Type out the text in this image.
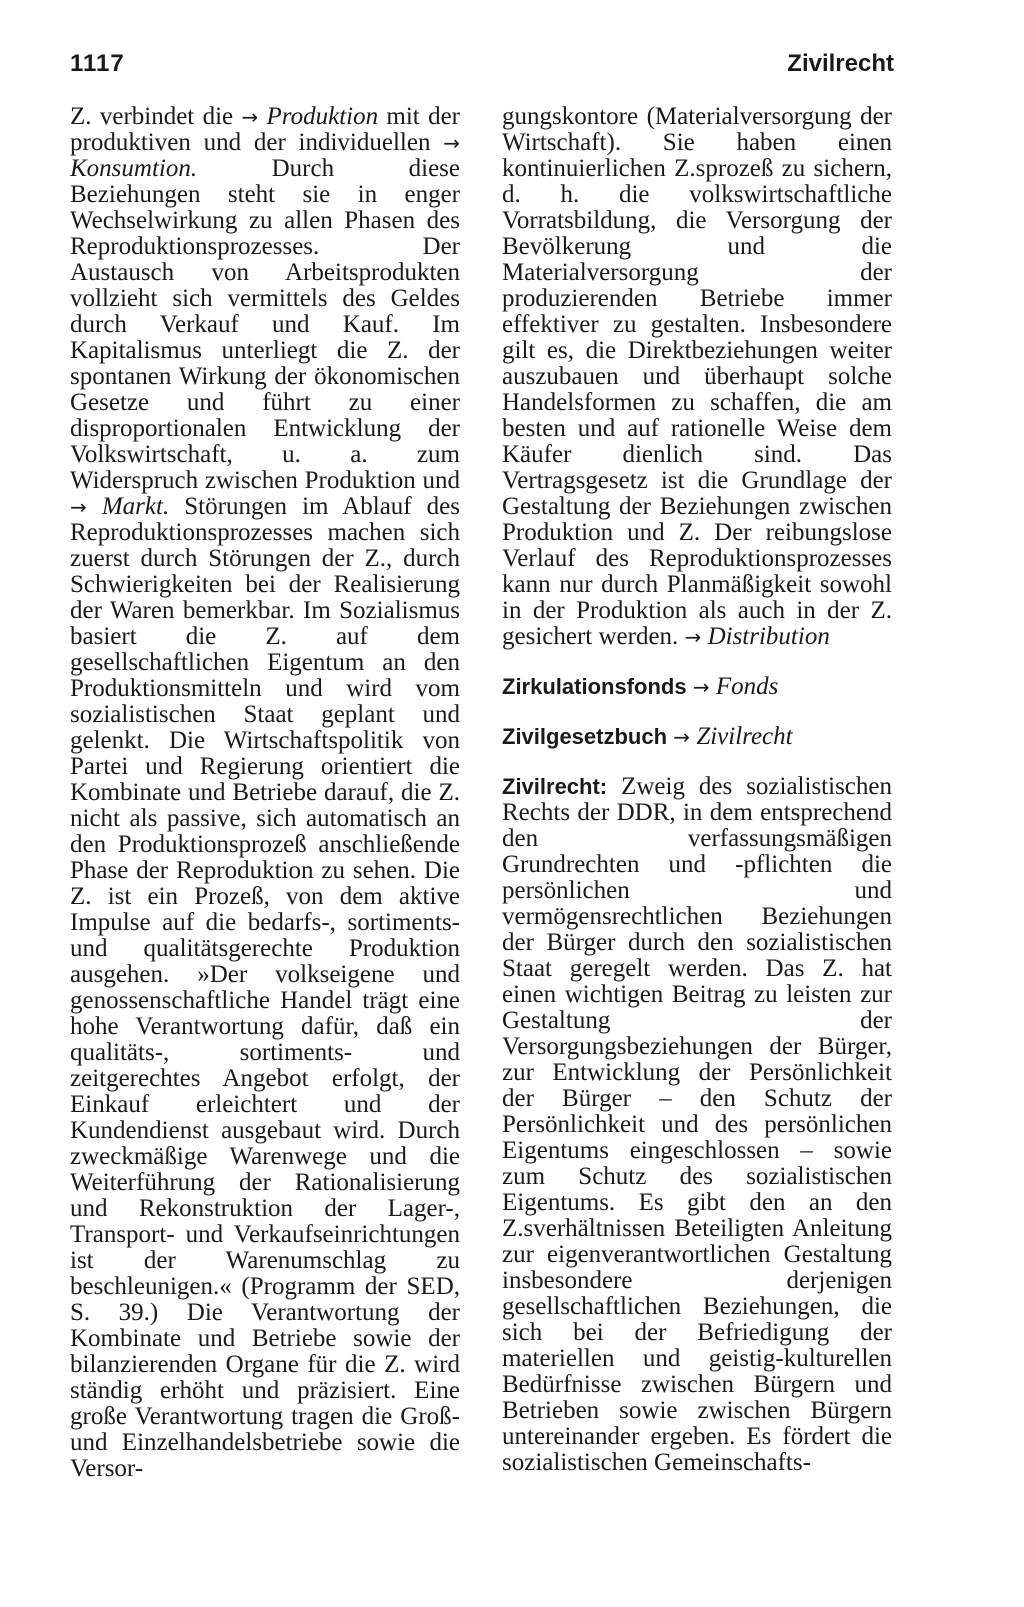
1117	Zivilrecht

Z. verbindet die → Produktion mit der produktiven und der individuellen → Konsumtion. Durch diese Beziehungen steht sie in enger Wechselwirkung zu allen Phasen des Reproduktionsprozesses. Der Austausch von Arbeitsprodukten vollzieht sich vermittels des Geldes durch Verkauf und Kauf. Im Kapitalismus unterliegt die Z. der spontanen Wirkung der ökonomischen Gesetze und führt zu einer disproportionalen Entwicklung der Volkswirtschaft, u. a. zum Widerspruch zwischen Produktion und → Markt. Störungen im Ablauf des Reproduktionsprozesses machen sich zuerst durch Störungen der Z., durch Schwierigkeiten bei der Realisierung der Waren bemerkbar. Im Sozialismus basiert die Z. auf dem gesellschaftlichen Eigentum an den Produktionsmitteln und wird vom sozialistischen Staat geplant und gelenkt. Die Wirtschaftspolitik von Partei und Regierung orientiert die Kombinate und Betriebe darauf, die Z. nicht als passive, sich automatisch an den Produktionsprozeß anschließende Phase der Reproduktion zu sehen. Die Z. ist ein Prozeß, von dem aktive Impulse auf die bedarfs-, sortiments- und qualitätsgerechte Produktion ausgehen. »Der volkseigene und genossenschaftliche Handel trägt eine hohe Verantwortung dafür, daß ein qualitäts-, sortiments- und zeitgerechtes Angebot erfolgt, der Einkauf erleichtert und der Kundendienst ausgebaut wird. Durch zweckmäßige Warenwege und die Weiterführung der Rationalisierung und Rekonstruktion der Lager-, Transport- und Verkaufseinrichtungen ist der Warenumschlag zu beschleunigen.« (Programm der SED, S. 39.) Die Verantwortung der Kombinate und Betriebe sowie der bilanzierenden Organe für die Z. wird ständig erhöht und präzisiert. Eine große Verantwortung tragen die Groß- und Einzelhandelsbetriebe sowie die Versor-

gungskontore (Materialversorgung der Wirtschaft). Sie haben einen kontinuierlichen Z.sprozeß zu sichern, d. h. die volkswirtschaftliche Vorratsbildung, die Versorgung der Bevölkerung und die Materialversorgung der produzierenden Betriebe immer effektiver zu gestalten. Insbesondere gilt es, die Direktbeziehungen weiter auszubauen und überhaupt solche Handelsformen zu schaffen, die am besten und auf rationelle Weise dem Käufer dienlich sind. Das Vertragsgesetz ist die Grundlage der Gestaltung der Beziehungen zwischen Produktion und Z. Der reibungslose Verlauf des Reproduktionsprozesses kann nur durch Planmäßigkeit sowohl in der Produktion als auch in der Z. gesichert werden. → Distribution

Zirkulationsfonds → Fonds

Zivilgesetzbuch → Zivilrecht

Zivilrecht: Zweig des sozialistischen Rechts der DDR, in dem entsprechend den verfassungsmäßigen Grundrechten und -pflichten die persönlichen und vermögensrechtlichen Beziehungen der Bürger durch den sozialistischen Staat geregelt werden. Das Z. hat einen wichtigen Beitrag zu leisten zur Gestaltung der Versorgungsbeziehungen der Bürger, zur Entwicklung der Persönlichkeit der Bürger – den Schutz der Persönlichkeit und des persönlichen Eigentums eingeschlossen – sowie zum Schutz des sozialistischen Eigentums. Es gibt den an den Z.sverhältnissen Beteiligten Anleitung zur eigenverantwortlichen Gestaltung insbesondere derjenigen gesellschaftlichen Beziehungen, die sich bei der Befriedigung der materiellen und geistig-kulturellen Bedürfnisse zwischen Bürgern und Betrieben sowie zwischen Bürgern untereinander ergeben. Es fördert die sozialistischen Gemeinschafts-
